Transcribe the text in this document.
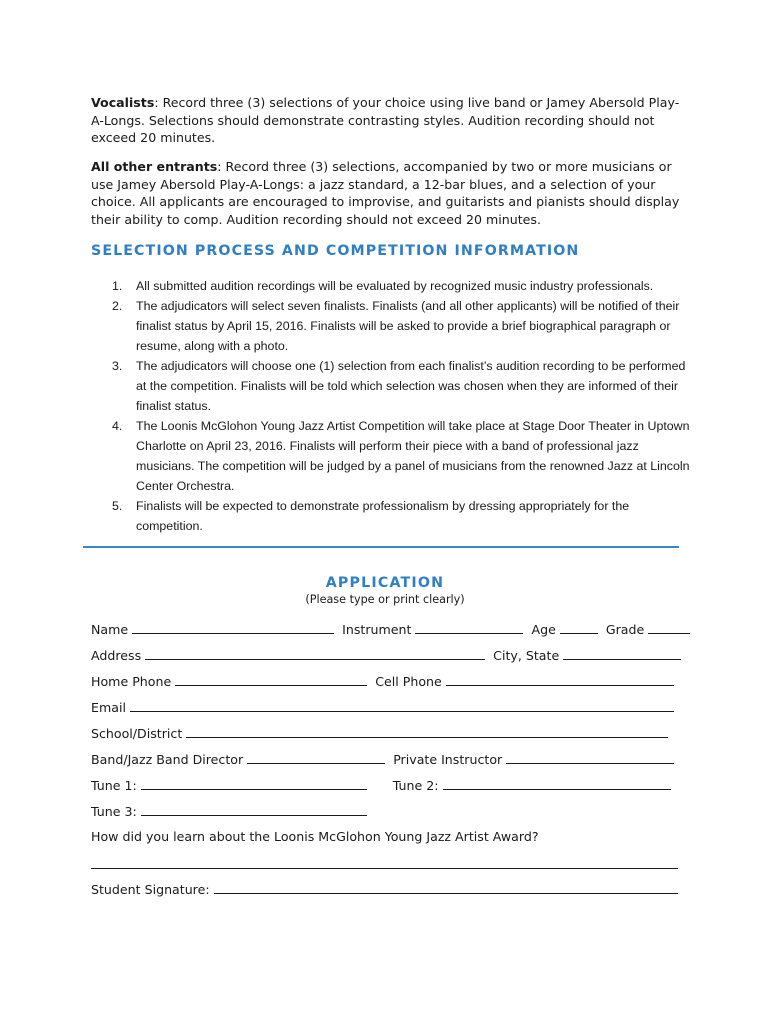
Vocalists: Record three (3) selections of your choice using live band or Jamey Abersold Play-A-Longs. Selections should demonstrate contrasting styles. Audition recording should not exceed 20 minutes.

All other entrants: Record three (3) selections, accompanied by two or more musicians or use Jamey Abersold Play-A-Longs: a jazz standard, a 12-bar blues, and a selection of your choice. All applicants are encouraged to improvise, and guitarists and pianists should display their ability to comp. Audition recording should not exceed 20 minutes.

SELECTION PROCESS AND COMPETITION INFORMATION
1. All submitted audition recordings will be evaluated by recognized music industry professionals.
2. The adjudicators will select seven finalists. Finalists (and all other applicants) will be notified of their finalist status by April 15, 2016. Finalists will be asked to provide a brief biographical paragraph or resume, along with a photo.
3. The adjudicators will choose one (1) selection from each finalist’s audition recording to be performed at the competition. Finalists will be told which selection was chosen when they are informed of their finalist status.
4. The Loonis McGlohon Young Jazz Artist Competition will take place at Stage Door Theater in Uptown Charlotte on April 23, 2016. Finalists will perform their piece with a band of professional jazz musicians. The competition will be judged by a panel of musicians from the renowned Jazz at Lincoln Center Orchestra.
5. Finalists will be expected to demonstrate professionalism by dressing appropriately for the competition.
APPLICATION
(Please type or print clearly)
Name	Instrument	Age	Grade
Address	City, State
Home Phone	Cell Phone
Email
School/District
Band/Jazz Band Director	Private Instructor
Tune 1:	Tune 2:
Tune 3:
How did you learn about the Loonis McGlohon Young Jazz Artist Award?
Student Signature:
